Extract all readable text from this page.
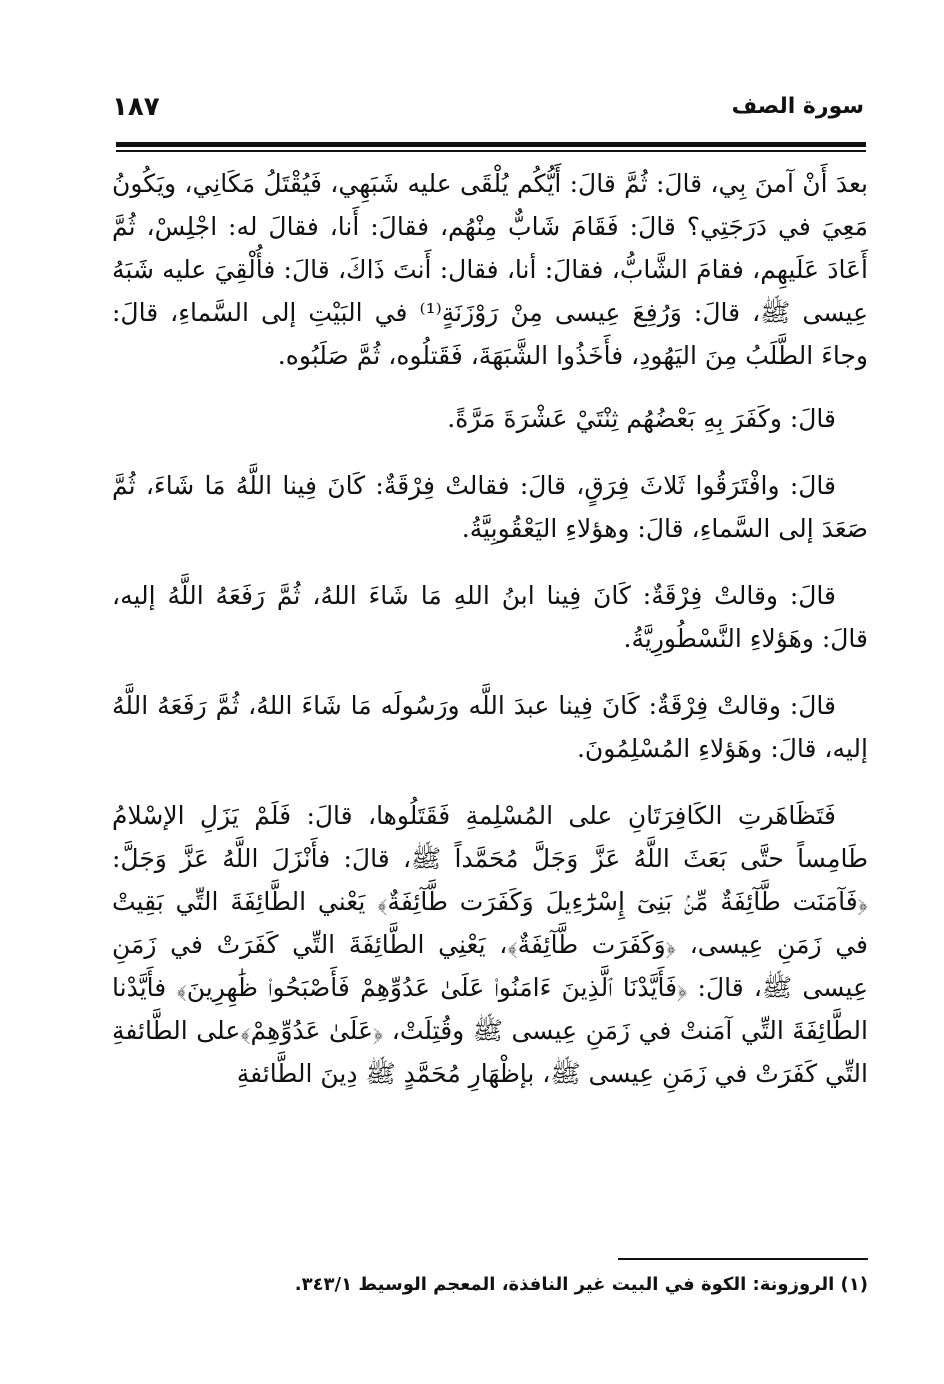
١٨٧	سورة الصف

بعدَ أَنْ آمنَ بِي، قالَ: ثُمَّ قالَ: أَيُّكُم يُلْقَى عليه شَبَهِي، فَيُقْتَلُ مَكَانِي، ويَكُونُ مَعِيَ في دَرَجَتِي؟ قالَ: فَقَامَ شَابٌّ مِنْهُم، فقالَ: أَنا، فقالَ له: اجْلِسْ، ثُمَّ أَعَادَ عَلَيهِم، فقامَ الشَّابُّ، فقالَ: أنا، فقال: أَنتَ ذَاكَ، قالَ: فأُلْقِيَ عليه شَبَهُ عِيسى ﷺ، قالَ: وَرُفِعَ عِيسى مِنْ رَوْزَنَةٍ⁽¹⁾ في البَيْتِ إلى السَّماءِ، قالَ: وجاءَ الطَّلَبُ مِنَ اليَهُودِ، فأَخَذُوا الشَّبَهَةَ، فَقَتلُوه، ثُمَّ صَلَبُوه.

قالَ: وكَفَرَ بِهِ بَعْضُهُم ثِنْتَيْ عَشْرَةَ مَرَّةً.

قالَ: وافْتَرَقُوا ثَلاثَ فِرَقٍ، قالَ: فقالتْ فِرْقَةٌ: كَانَ فِينا اللَّهُ مَا شَاءَ، ثُمَّ صَعَدَ إلى السَّماءِ، قالَ: وهؤلاءِ اليَعْقُوبِيَّةُ.

قالَ: وقالتْ فِرْقَةٌ: كَانَ فِينا ابنُ اللهِ مَا شَاءَ اللهُ، ثُمَّ رَفَعَهُ اللَّهُ إليه، قالَ: وهَؤلاءِ النَّسْطُورِيَّةُ.

قالَ: وقالتْ فِرْقَةٌ: كَانَ فِينا عبدَ اللَّه ورَسُولَه مَا شَاءَ اللهُ، ثُمَّ رَفَعَهُ اللَّهُ إليه، قالَ: وهَؤلاءِ المُسْلِمُونَ.

فَتَظَاهَرتِ الكَافِرَتَانِ على المُسْلِمةِ فَقَتَلُوها، قالَ: فَلَمْ يَزَلِ الإسْلامُ طَامِساً حتَّى بَعَثَ اللَّهُ عَزَّ وَجَلَّ مُحَمَّداً ﷺ، قالَ: فأَنْزَلَ اللَّهُ عَزَّ وَجَلَّ: ﴿فَآمَنَت طَّآئِفَةٌ مِّنۢ بَنِىٓ إِسْرَٰٓءِيلَ وَكَفَرَت طَّآئِفَةٌ﴾ يَعْني الطَّائِفَةَ التِّي بَقِيتْ في زَمَنِ عِيسى، ﴿وَكَفَرَت طَّآئِفَةٌ﴾، يَعْنِي الطَّائِفَةَ التِّي كَفَرَتْ في زَمَنِ عِيسى ﷺ، قالَ: ﴿فَأَيَّدْنَا ٱلَّذِينَ ءَامَنُوا۟ عَلَىٰ عَدُوِّهِمْ فَأَصْبَحُوا۟ ظَٰهِرِينَ﴾ فأَيَّدْنا الطَّائِفَةَ التِّي آمَنتْ في زَمَنِ عِيسى ﷺ وقُتِلَتْ، ﴿عَلَىٰ عَدُوِّهِمْ﴾على الطَّائفةِ التِّي كَفَرَتْ في زَمَنِ عِيسى ﷺ، بإظْهَارِ مُحَمَّدٍ ﷺ دِينَ الطَّائفةِ

(١) الروزونة: الكوة في البيت غير النافذة، المعجم الوسيط ٣٤٣/١.
